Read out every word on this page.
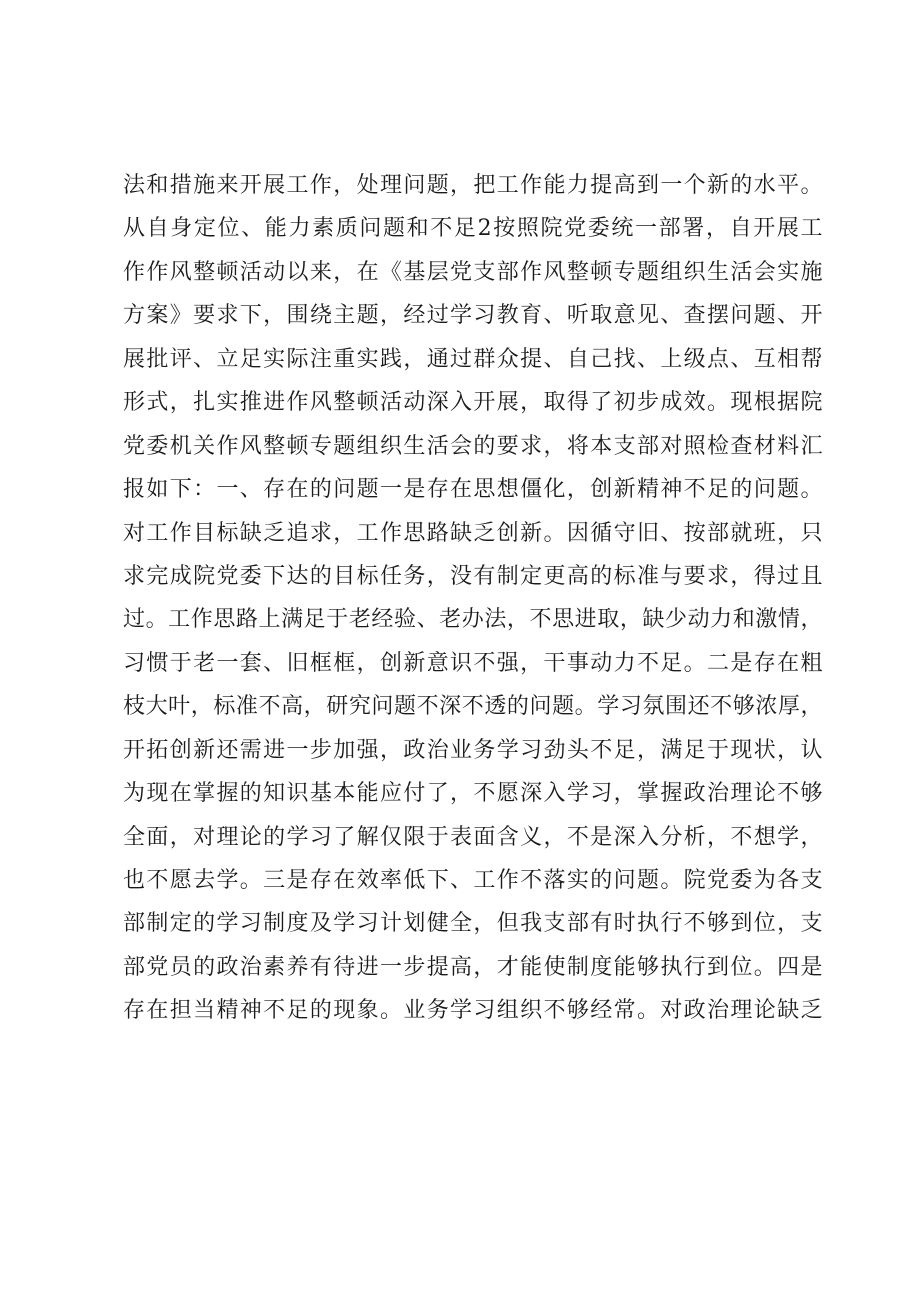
法和措施来开展工作，处理问题，把工作能力提高到一个新的水平。
从自身定位、能力素质问题和不足2按照院党委统一部署，自开展工
作作风整顿活动以来，在《基层党支部作风整顿专题组织生活会实施
方案》要求下，围绕主题，经过学习教育、听取意见、查摆问题、开
展批评、立足实际注重实践，通过群众提、自己找、上级点、互相帮
形式，扎实推进作风整顿活动深入开展，取得了初步成效。现根据院
党委机关作风整顿专题组织生活会的要求，将本支部对照检查材料汇
报如下：一、存在的问题一是存在思想僵化，创新精神不足的问题。
对工作目标缺乏追求，工作思路缺乏创新。因循守旧、按部就班，只
求完成院党委下达的目标任务，没有制定更高的标准与要求，得过且
过。工作思路上满足于老经验、老办法，不思进取，缺少动力和激情，
习惯于老一套、旧框框，创新意识不强，干事动力不足。二是存在粗
枝大叶，标准不高，研究问题不深不透的问题。学习氛围还不够浓厚，
开拓创新还需进一步加强，政治业务学习劲头不足，满足于现状，认
为现在掌握的知识基本能应付了，不愿深入学习，掌握政治理论不够
全面，对理论的学习了解仅限于表面含义，不是深入分析，不想学，
也不愿去学。三是存在效率低下、工作不落实的问题。院党委为各支
部制定的学习制度及学习计划健全，但我支部有时执行不够到位，支
部党员的政治素养有待进一步提高，才能使制度能够执行到位。四是
存在担当精神不足的现象。业务学习组织不够经常。对政治理论缺乏
